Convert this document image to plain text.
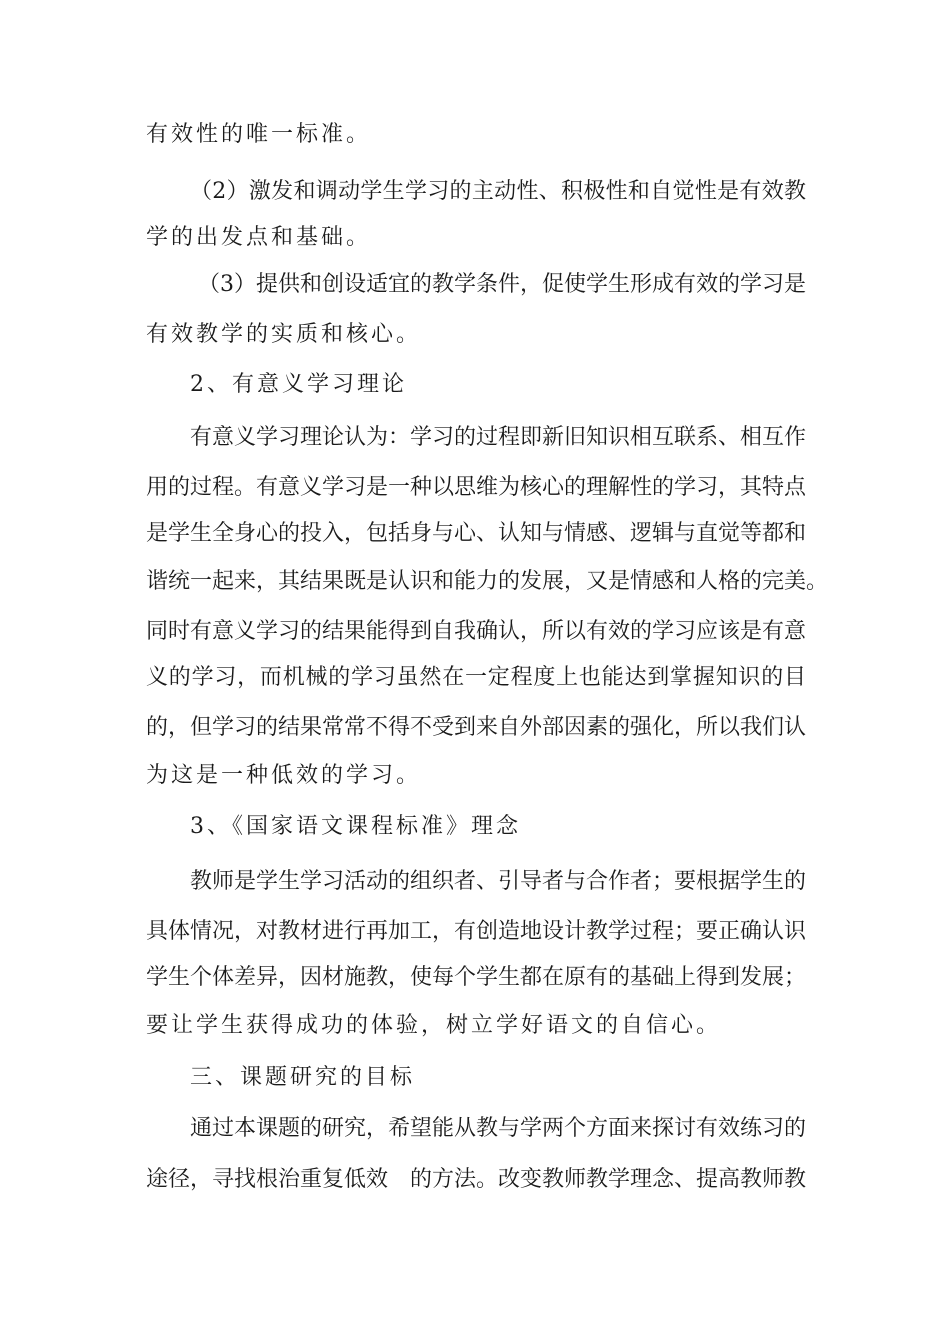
有效性的唯一标准。
（2）激发和调动学生学习的主动性、积极性和自觉性是有效教
学的出发点和基础。
（3）提供和创设适宜的教学条件，促使学生形成有效的学习是
有效教学的实质和核心。
2、有意义学习理论
有意义学习理论认为：学习的过程即新旧知识相互联系、相互作
用的过程。有意义学习是一种以思维为核心的理解性的学习，其特点
是学生全身心的投入，包括身与心、认知与情感、逻辑与直觉等都和
谐统一起来，其结果既是认识和能力的发展，又是情感和人格的完美。
同时有意义学习的结果能得到自我确认，所以有效的学习应该是有意
义的学习，而机械的学习虽然在一定程度上也能达到掌握知识的目
的，但学习的结果常常不得不受到来自外部因素的强化，所以我们认
为这是一种低效的学习。
3、《国家语文课程标准》理念
教师是学生学习活动的组织者、引导者与合作者；要根据学生的
具体情况，对教材进行再加工，有创造地设计教学过程；要正确认识
学生个体差异，因材施教，使每个学生都在原有的基础上得到发展；
要让学生获得成功的体验，树立学好语文的自信心。
三、课题研究的目标
通过本课题的研究，希望能从教与学两个方面来探讨有效练习的
途径，寻找根治重复低效　的方法。改变教师教学理念、提高教师教
